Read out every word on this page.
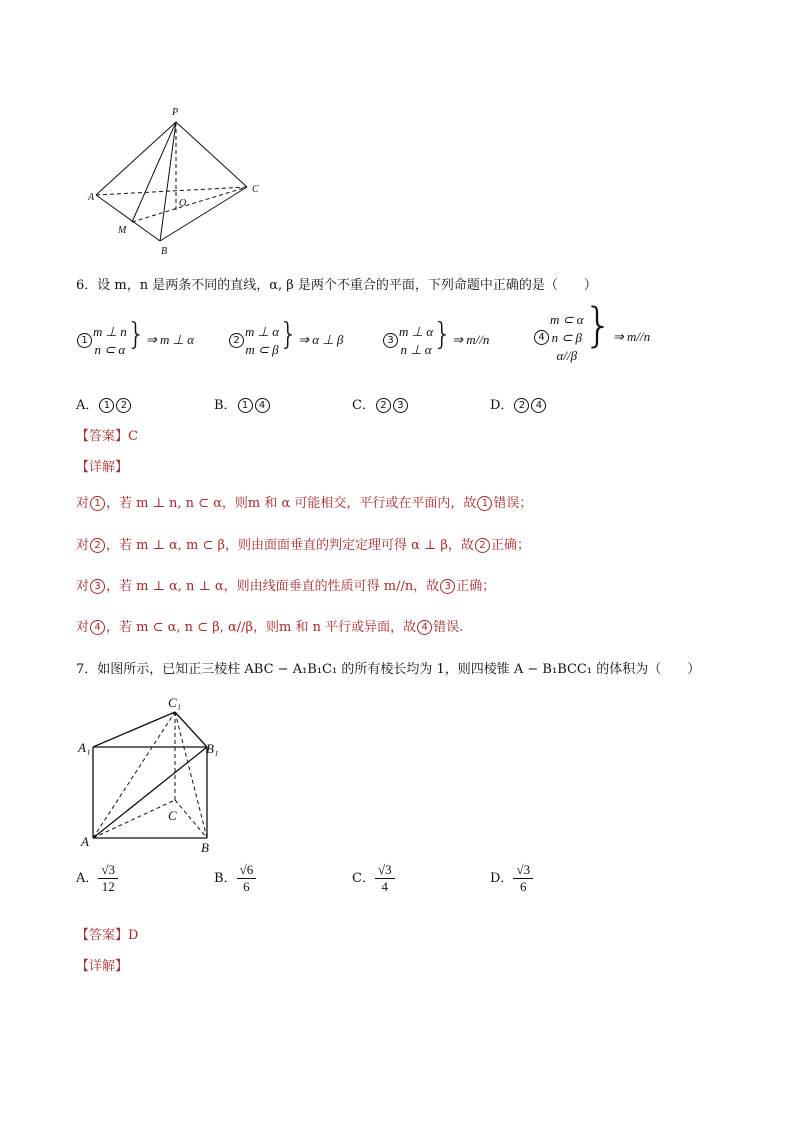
P
A
C
O
M
B
6．设 m，n 是两条不同的直线，α, β 是两个不重合的平面，下列命题中正确的是（　　）
1m ⊥ n
n ⊂ α}⇒ m ⊥ α	2m ⊥ α
m ⊂ β}⇒ α ⊥ β	3m ⊥ α
n ⊥ α}⇒ m//n	4m ⊂ α
n ⊂ β
α//β}⇒ m//n
A． 1 2	B． 1 4	C． 2 3	D． 2 4
【答案】C
【详解】
对 1 ，若 m ⊥ n, n ⊂ α，则m 和 α 可能相交，平行或在平面内，故 1 错误；
对 2 ，若 m ⊥ α, m ⊂ β，则由面面垂直的判定定理可得 α ⊥ β，故 2 正确；
对 3 ，若 m ⊥ α, n ⊥ α，则由线面垂直的性质可得 m//n，故 3 正确；
对 4 ，若 m ⊂ α, n ⊂ β, α//β，则m 和 n 平行或异面，故 4 错误.
7．如图所示，已知正三棱柱 ABC − A₁B₁C₁ 的所有棱长均为 1，则四棱锥 A − B₁BCC₁ 的体积为（　　）
C₁
A₁	B₁
C
A	B
A． $\frac{√3}{12}$	B． $\frac{√6}{6}$	C． $\frac{√3}{4}$	D． $\frac{√3}{6}$
【答案】D
【详解】
